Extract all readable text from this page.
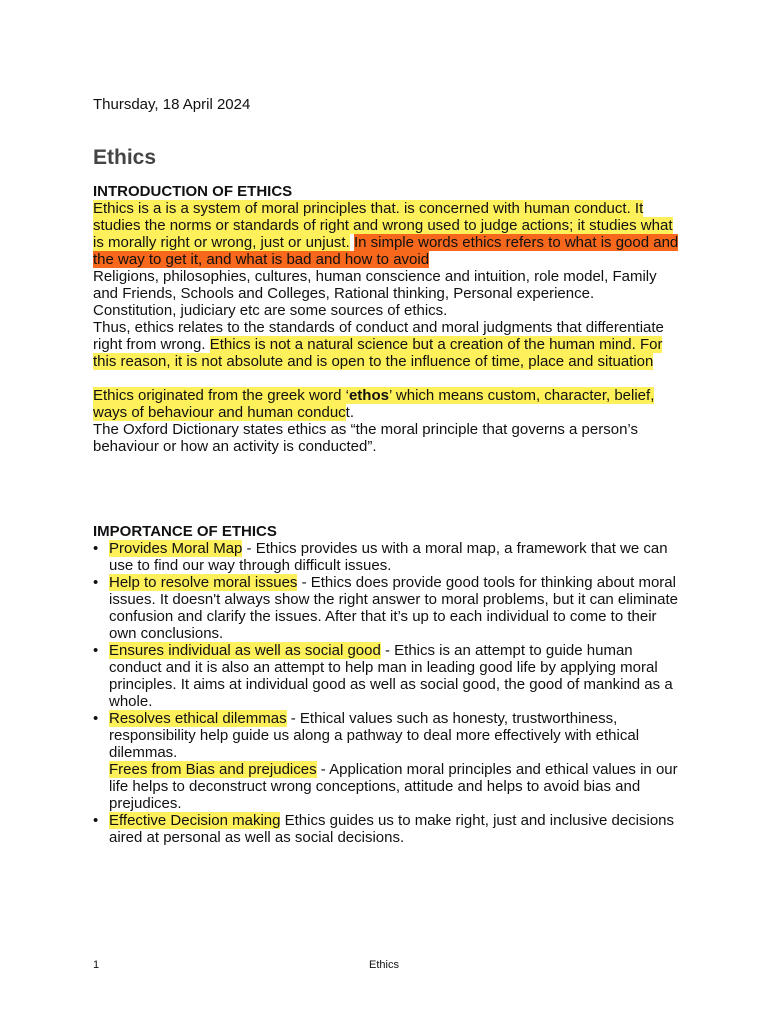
Thursday, 18 April 2024
Ethics
INTRODUCTION OF ETHICS

Ethics is a is a system of moral principles that. is concerned with human conduct. It studies the norms or standards of right and wrong used to judge actions; it studies what is morally right or wrong, just or unjust. In simple words ethics refers to what is good and the way to get it, and what is bad and how to avoid

Religions, philosophies, cultures, human conscience and intuition, role model, Family and Friends, Schools and Colleges, Rational thinking, Personal experience.

Constitution, judiciary etc are some sources of ethics.

Thus, ethics relates to the standards of conduct and moral judgments that differentiate right from wrong. Ethics is not a natural science but a creation of the human mind. For this reason, it is not absolute and is open to the influence of time, place and situation

Ethics originated from the greek word ‘ethos’ which means custom, character, belief, ways of behaviour and human conduct.

The Oxford Dictionary states ethics as “the moral principle that governs a person’s behaviour or how an activity is conducted”.

IMPORTANCE OF ETHICS
• Provides Moral Map - Ethics provides us with a moral map, a framework that we can use to find our way through difficult issues.
• Help to resolve moral issues - Ethics does provide good tools for thinking about moral issues. It doesn't always show the right answer to moral problems, but it can eliminate confusion and clarify the issues. After that it’s up to each individual to come to their own conclusions.
• Ensures individual as well as social good - Ethics is an attempt to guide human conduct and it is also an attempt to help man in leading good life by applying moral principles. It aims at individual good as well as social good, the good of mankind as a whole.
• Resolves ethical dilemmas - Ethical values such as honesty, trustworthiness, responsibility help guide us along a pathway to deal more effectively with ethical dilemmas.
Frees from Bias and prejudices - Application moral principles and ethical values in our life helps to deconstruct wrong conceptions, attitude and helps to avoid bias and prejudices.
• Effective Decision making Ethics guides us to make right, just and inclusive decisions aired at personal as well as social decisions.
1	Ethics
